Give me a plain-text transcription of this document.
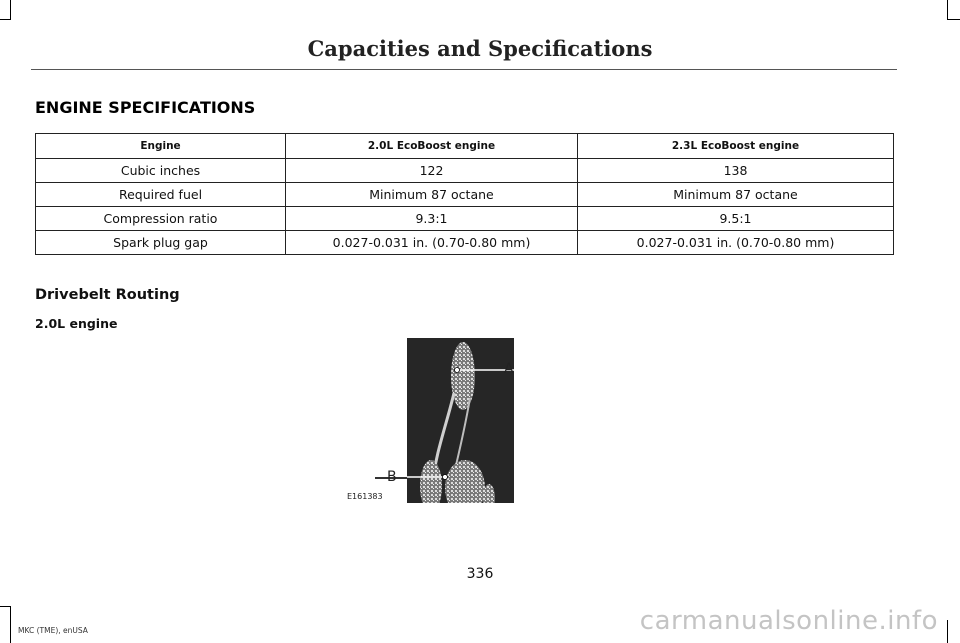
Capacities and Specifications
ENGINE SPECIFICATIONS
Engine	2.0L EcoBoost engine	2.3L EcoBoost engine
Cubic inches	122	138
Required fuel	Minimum 87 octane	Minimum 87 octane
Compression ratio	9.3:1	9.5:1
Spark plug gap	0.027-0.031 in. (0.70-0.80 mm)	0.027-0.031 in. (0.70-0.80 mm)
Drivebelt Routing
2.0L engine
A
B
E161383
336
MKC (TME), enUSA	carmanualsonline.info
